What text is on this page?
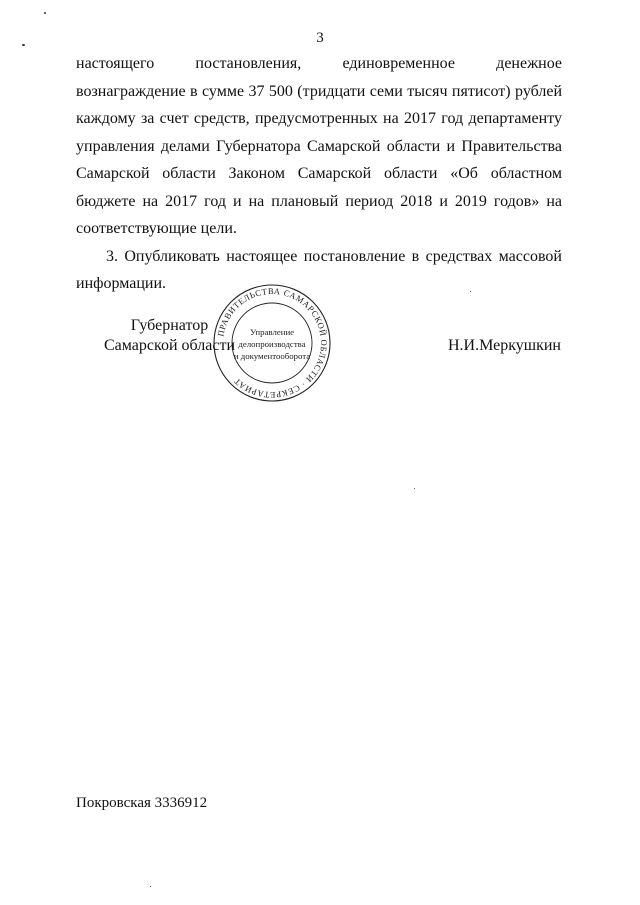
3

настоящего постановления, единовременное денежное вознаграждение в сумме 37 500 (тридцати семи тысяч пятисот) рублей каждому за счет средств, предусмотренных на 2017 год департаменту управления делами Губернатора Самарской области и Правительства Самарской области Законом Самарской области «Об областном бюджете на 2017 год и на плановый период 2018 и 2019 годов» на соответствующие цели.

3. Опубликовать настоящее постановление в средствах массовой информации.

Губернатор
Самарской области
ПРАВИТЕЛЬСТВА САМАРСКОЙ ОБЛАСТИ · СЕКРЕТАРИАТ
Управление
делопроизводства
и документооборота
Н.И.Меркушкин
Покровская 3336912
